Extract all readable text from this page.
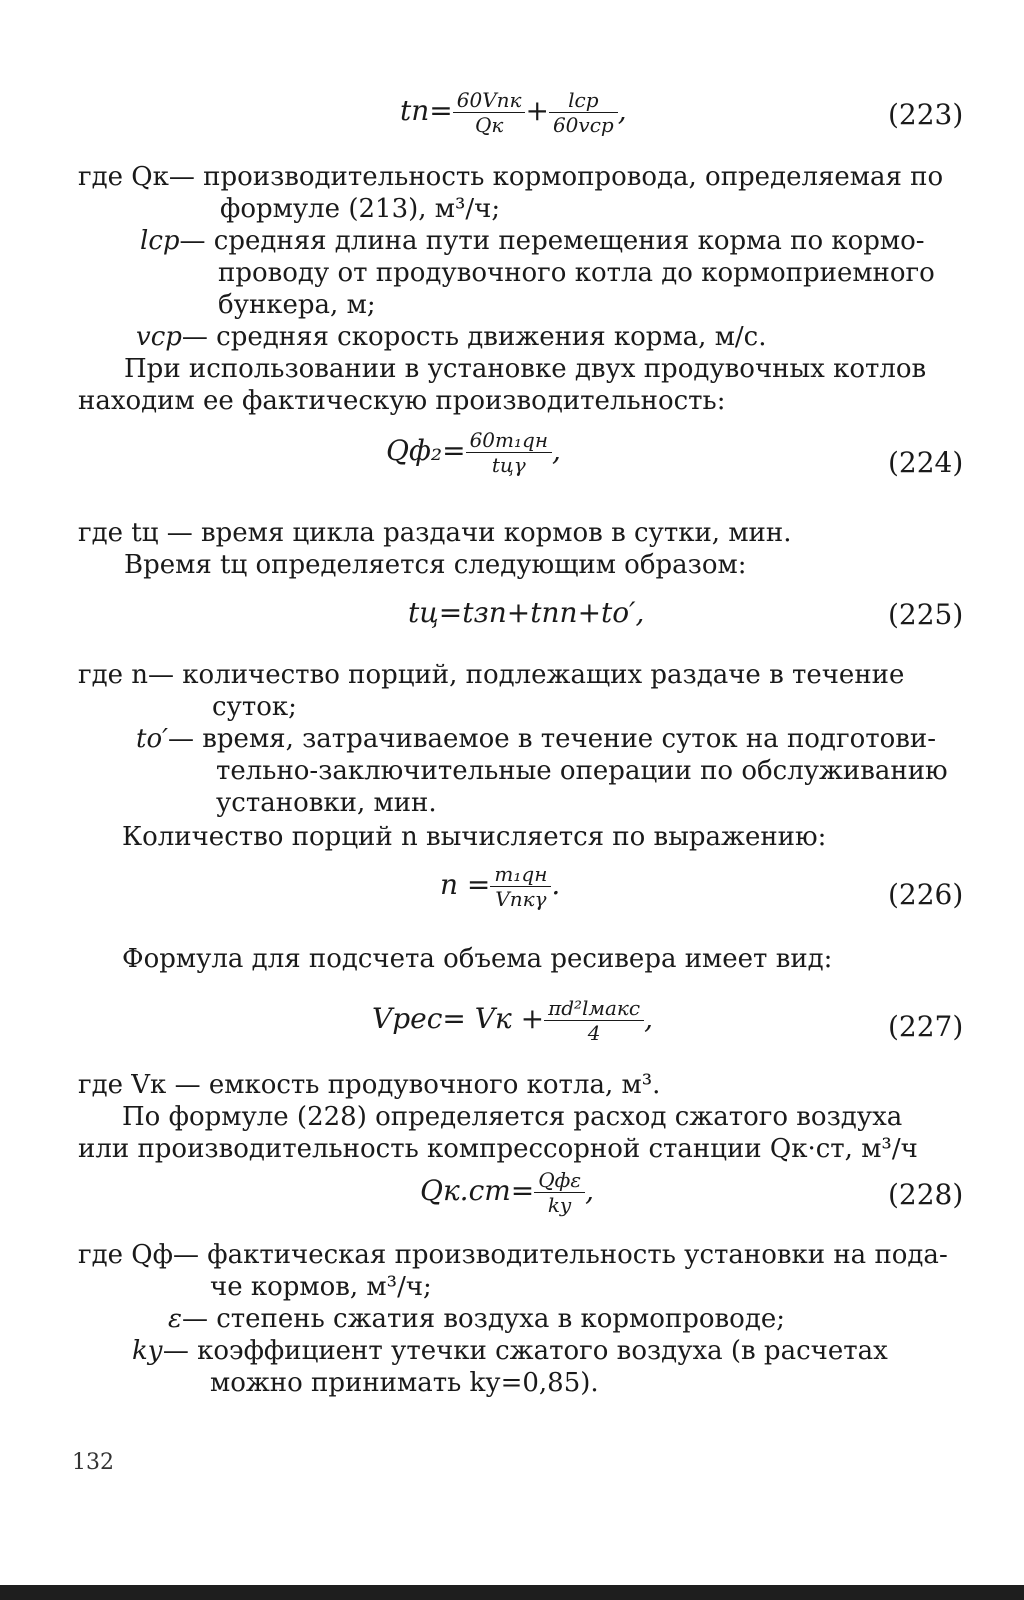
$tп= \frac{\text{60Vпк}}{Qк} + \frac{\text{lср}}{\text{60vср}}$ ,	(223)
где Qк— производительность кормопровода, определяемая по
формуле (213), м³/ч;
lср— средняя длина пути перемещения корма по кормо-
проводу от продувочного котла до кормоприемного
бункера, м;
vср— средняя скорость движения корма, м/с.
При использовании в установке двух продувочных котлов
находим ее фактическую производительность:
$Qф_2= \frac{\text{60m₁qн}}{\text{tцγ}}$ ,	(224)
где tц — время цикла раздачи кормов в сутки, мин.
Время tц определяется следующим образом:
tц=tзn+tпn+tо′,	(225)
где n— количество порций, подлежащих раздаче в течение
суток;
tо′— время, затрачиваемое в течение суток на подготови-
тельно-заключительные операции по обслуживанию
установки, мин.
Количество порций n вычисляется по выражению:
$n = \frac{\text{m₁qн}}{\text{Vпкγ}}$ .	(226)
Формула для подсчета объема ресивера имеет вид:
Vрес= Vк + $\frac{\text{πd²lмакс}}{4}$ ,	(227)
где Vк — емкость продувочного котла, м³.
По формуле (228) определяется расход сжатого воздуха
или производительность компрессорной станции Qк·ст, м³/ч
$Qк.ст= \frac{\text{Qфε}}{kу}$ ,	(228)
где Qф— фактическая производительность установки на пода-
че кормов, м³/ч;
ε— степень сжатия воздуха в кормопроводе;
kу— коэффициент утечки сжатого воздуха (в расчетах
можно принимать kу=0,85).
132
